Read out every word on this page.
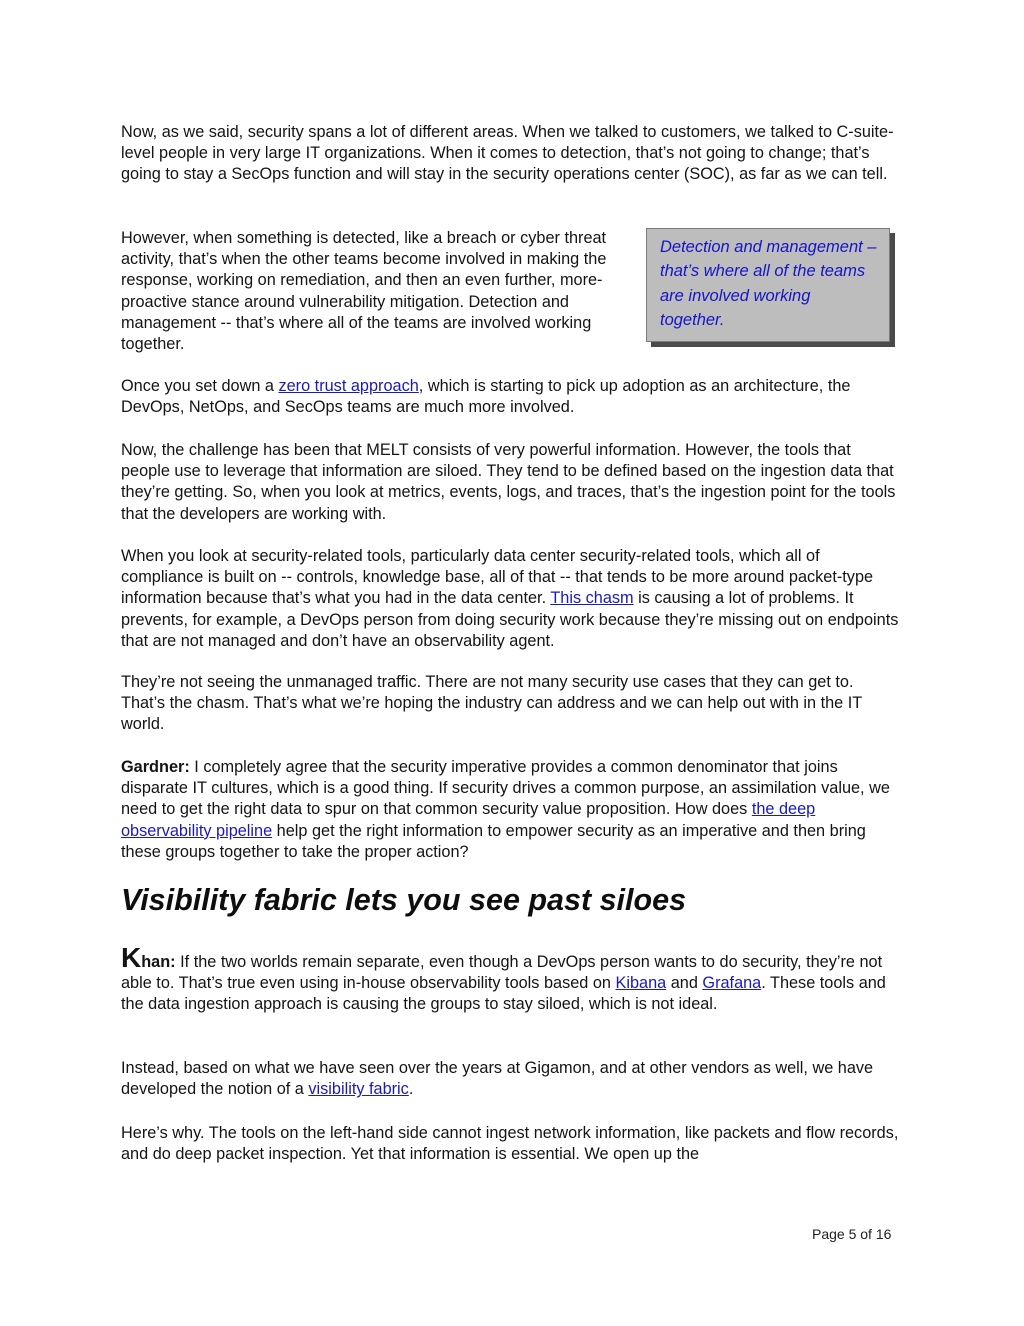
Now, as we said, security spans a lot of different areas. When we talked to customers, we talked to C-suite-level people in very large IT organizations. When it comes to detection, that’s not going to change; that’s going to stay a SecOps function and will stay in the security operations center (SOC), as far as we can tell.

However, when something is detected, like a breach or cyber threat activity, that’s when the other teams become involved in making the response, working on remediation, and then an even further, more-proactive stance around vulnerability mitigation. Detection and management -- that’s where all of the teams are involved working together.

Detection and management – that’s where all of the teams are involved working together.

Once you set down a zero trust approach, which is starting to pick up adoption as an architecture, the DevOps, NetOps, and SecOps teams are much more involved.

Now, the challenge has been that MELT consists of very powerful information. However, the tools that people use to leverage that information are siloed. They tend to be defined based on the ingestion data that they’re getting. So, when you look at metrics, events, logs, and traces, that’s the ingestion point for the tools that the developers are working with.

When you look at security-related tools, particularly data center security-related tools, which all of compliance is built on -- controls, knowledge base, all of that -- that tends to be more around packet-type information because that’s what you had in the data center. This chasm is causing a lot of problems. It prevents, for example, a DevOps person from doing security work because they’re missing out on endpoints that are not managed and don’t have an observability agent.

They’re not seeing the unmanaged traffic. There are not many security use cases that they can get to. That’s the chasm. That’s what we’re hoping the industry can address and we can help out with in the IT world.

Gardner: I completely agree that the security imperative provides a common denominator that joins disparate IT cultures, which is a good thing. If security drives a common purpose, an assimilation value, we need to get the right data to spur on that common security value proposition. How does the deep observability pipeline help get the right information to empower security as an imperative and then bring these groups together to take the proper action?

Visibility fabric lets you see past siloes

Khan: If the two worlds remain separate, even though a DevOps person wants to do security, they’re not able to. That’s true even using in-house observability tools based on Kibana and Grafana. These tools and the data ingestion approach is causing the groups to stay siloed, which is not ideal.

Instead, based on what we have seen over the years at Gigamon, and at other vendors as well, we have developed the notion of a visibility fabric.

Here’s why. The tools on the left-hand side cannot ingest network information, like packets and flow records, and do deep packet inspection. Yet that information is essential. We open up the

Page 5 of 16
